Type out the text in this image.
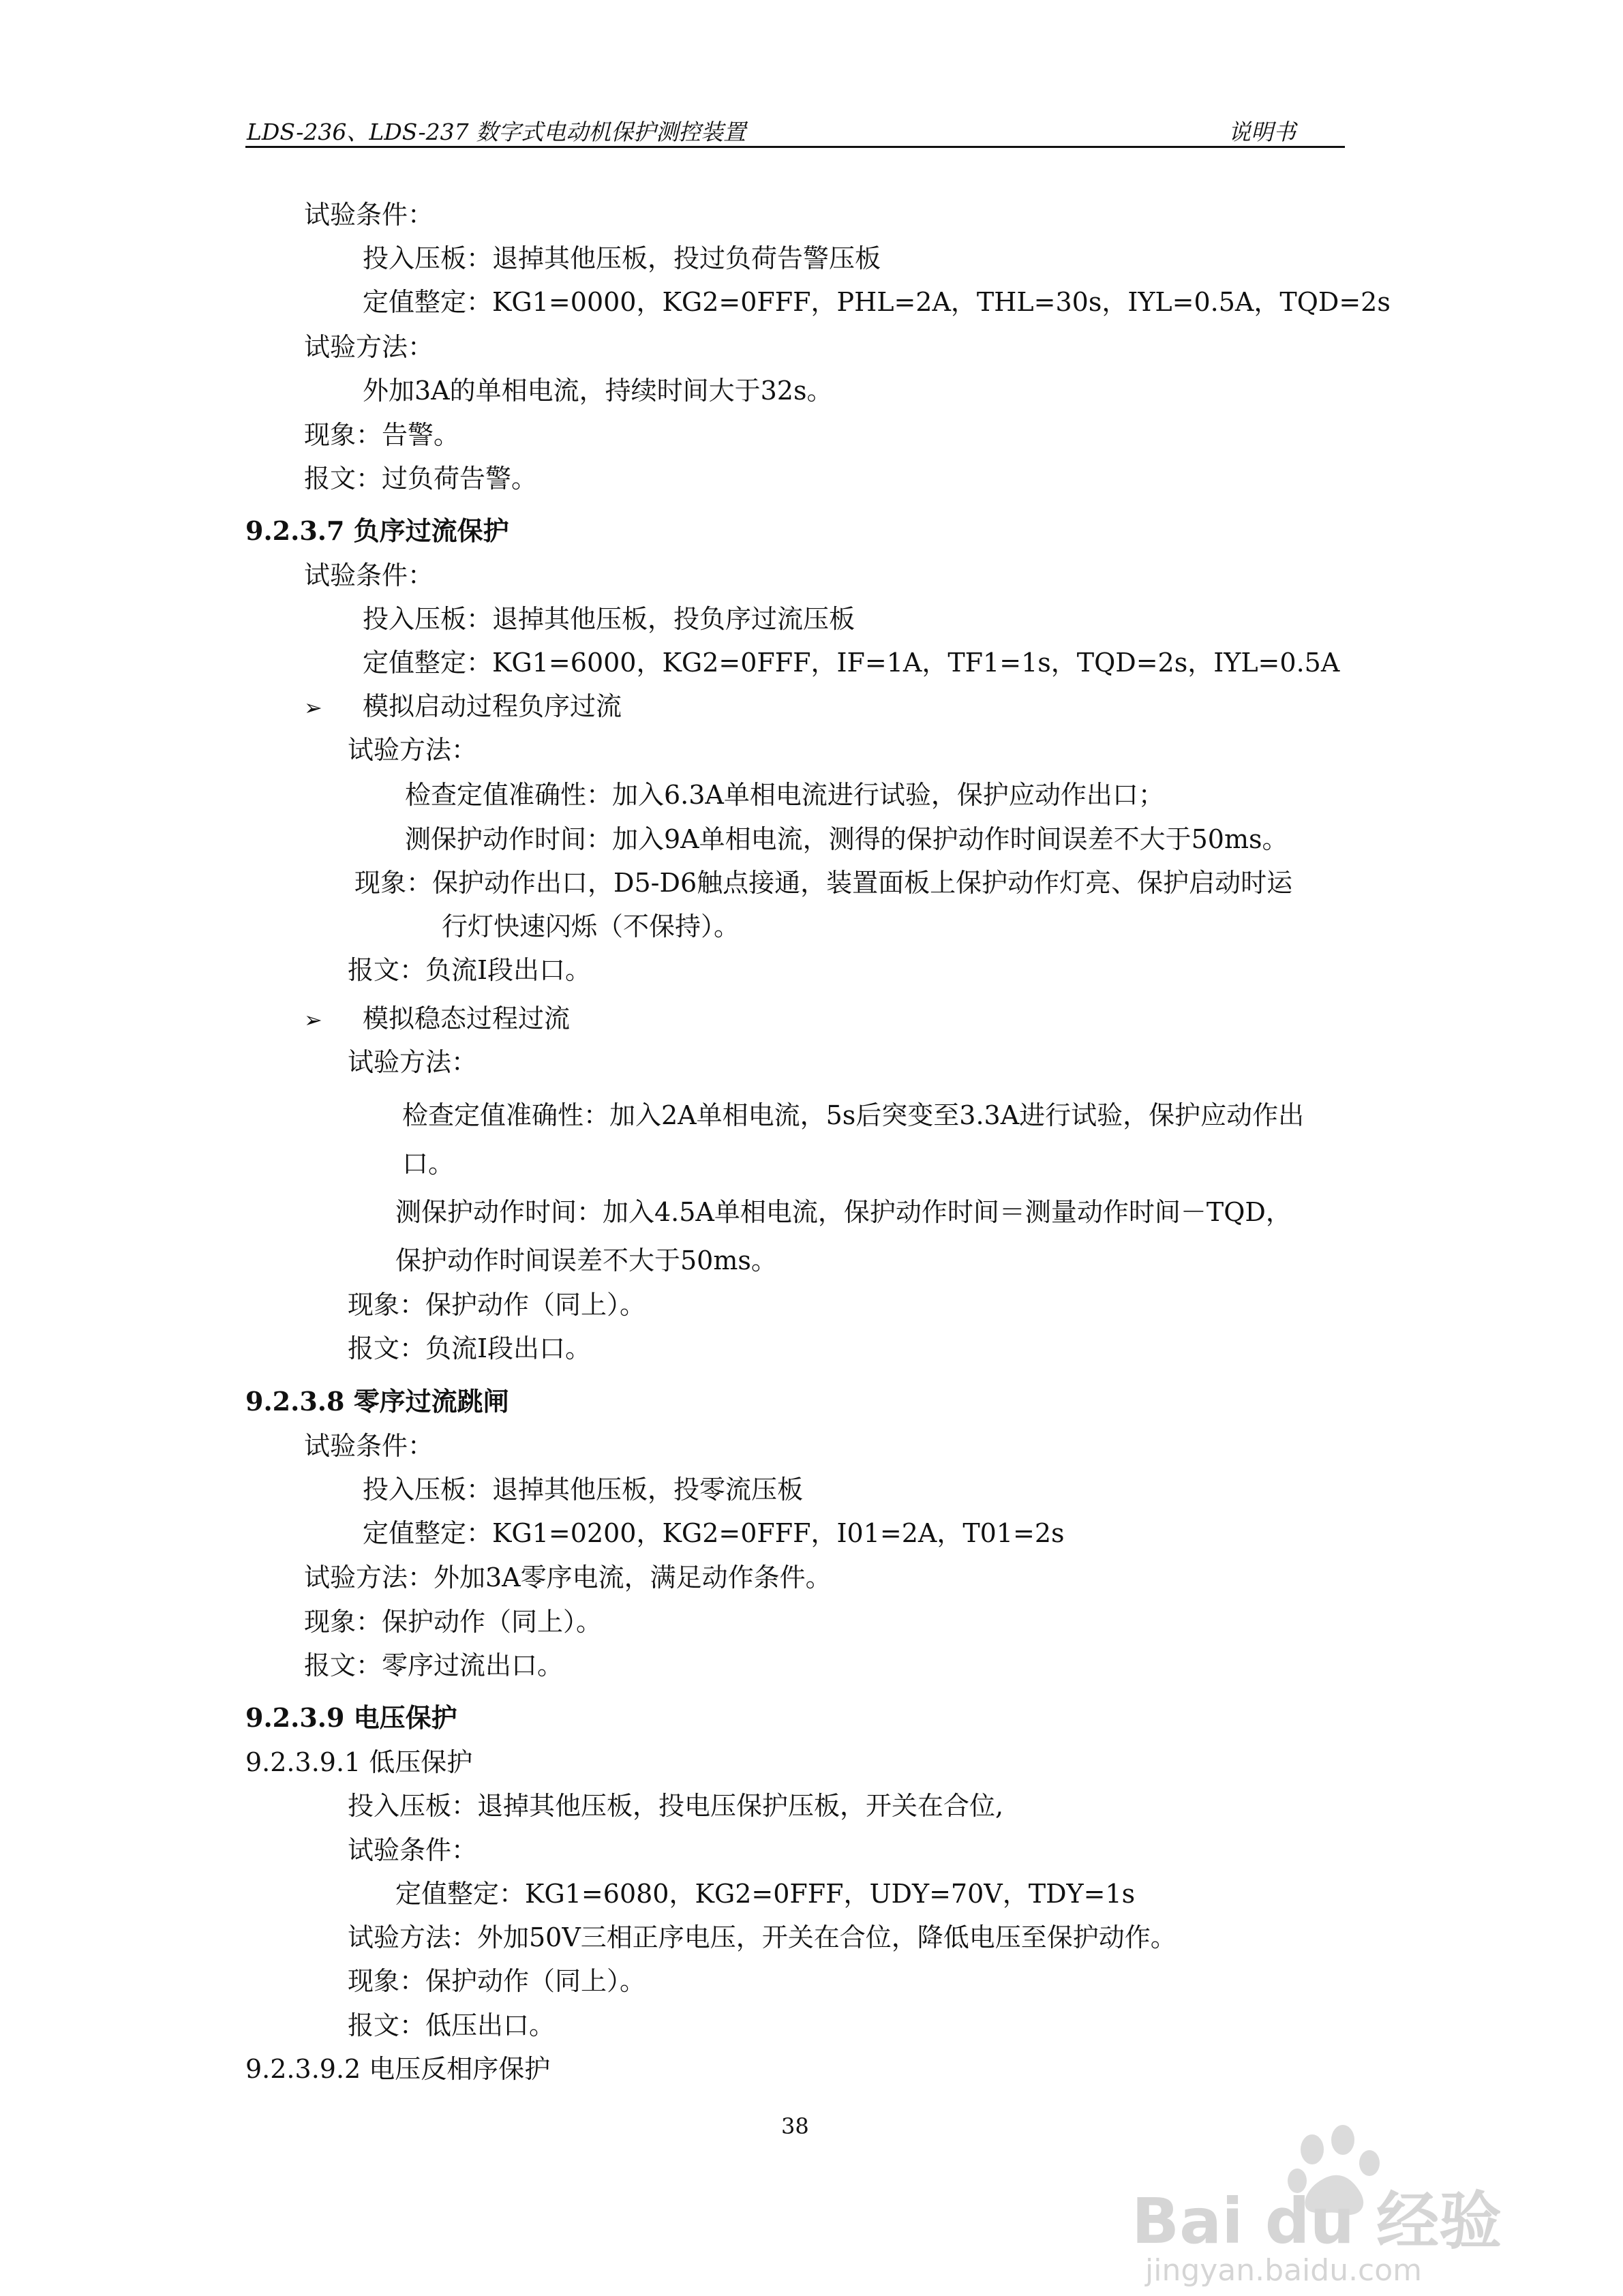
LDS-236、LDS-237 数字式电动机保护测控装置	说明书
试验条件：
投入压板：退掉其他压板，投过负荷告警压板
定值整定：KG1=0000，KG2=0FFF，PHL=2A，THL=30s，IYL=0.5A，TQD=2s
试验方法：
外加3A的单相电流，持续时间大于32s。
现象：告警。
报文：过负荷告警。
9.2.3.7 负序过流保护
试验条件：
投入压板：退掉其他压板，投负序过流压板
定值整定：KG1=6000，KG2=0FFF，IF=1A，TF1=1s，TQD=2s，IYL=0.5A
➢ 模拟启动过程负序过流
试验方法：
检查定值准确性：加入6.3A单相电流进行试验，保护应动作出口；
测保护动作时间：加入9A单相电流，测得的保护动作时间误差不大于50ms。
现象：保护动作出口，D5-D6触点接通，装置面板上保护动作灯亮、保护启动时运
行灯快速闪烁（不保持）。
报文：负流Ⅰ段出口。
➢ 模拟稳态过程过流
试验方法：
检查定值准确性：加入2A单相电流，5s后突变至3.3A进行试验，保护应动作出
口。
测保护动作时间：加入4.5A单相电流，保护动作时间＝测量动作时间－TQD，
保护动作时间误差不大于50ms。
现象：保护动作（同上）。
报文：负流Ⅰ段出口。
9.2.3.8 零序过流跳闸
试验条件：
投入压板：退掉其他压板，投零流压板
定值整定：KG1=0200，KG2=0FFF，I01=2A，T01=2s
试验方法：外加3A零序电流，满足动作条件。
现象：保护动作（同上）。
报文：零序过流出口。
9.2.3.9 电压保护
9.2.3.9.1 低压保护
投入压板：退掉其他压板，投电压保护压板，开关在合位,
试验条件：
定值整定：KG1=6080，KG2=0FFF，UDY=70V，TDY=1s
试验方法：外加50V三相正序电压，开关在合位，降低电压至保护动作。
现象：保护动作（同上）。
报文：低压出口。
9.2.3.9.2 电压反相序保护
38
Bai du 经验
jingyan.baidu.com
